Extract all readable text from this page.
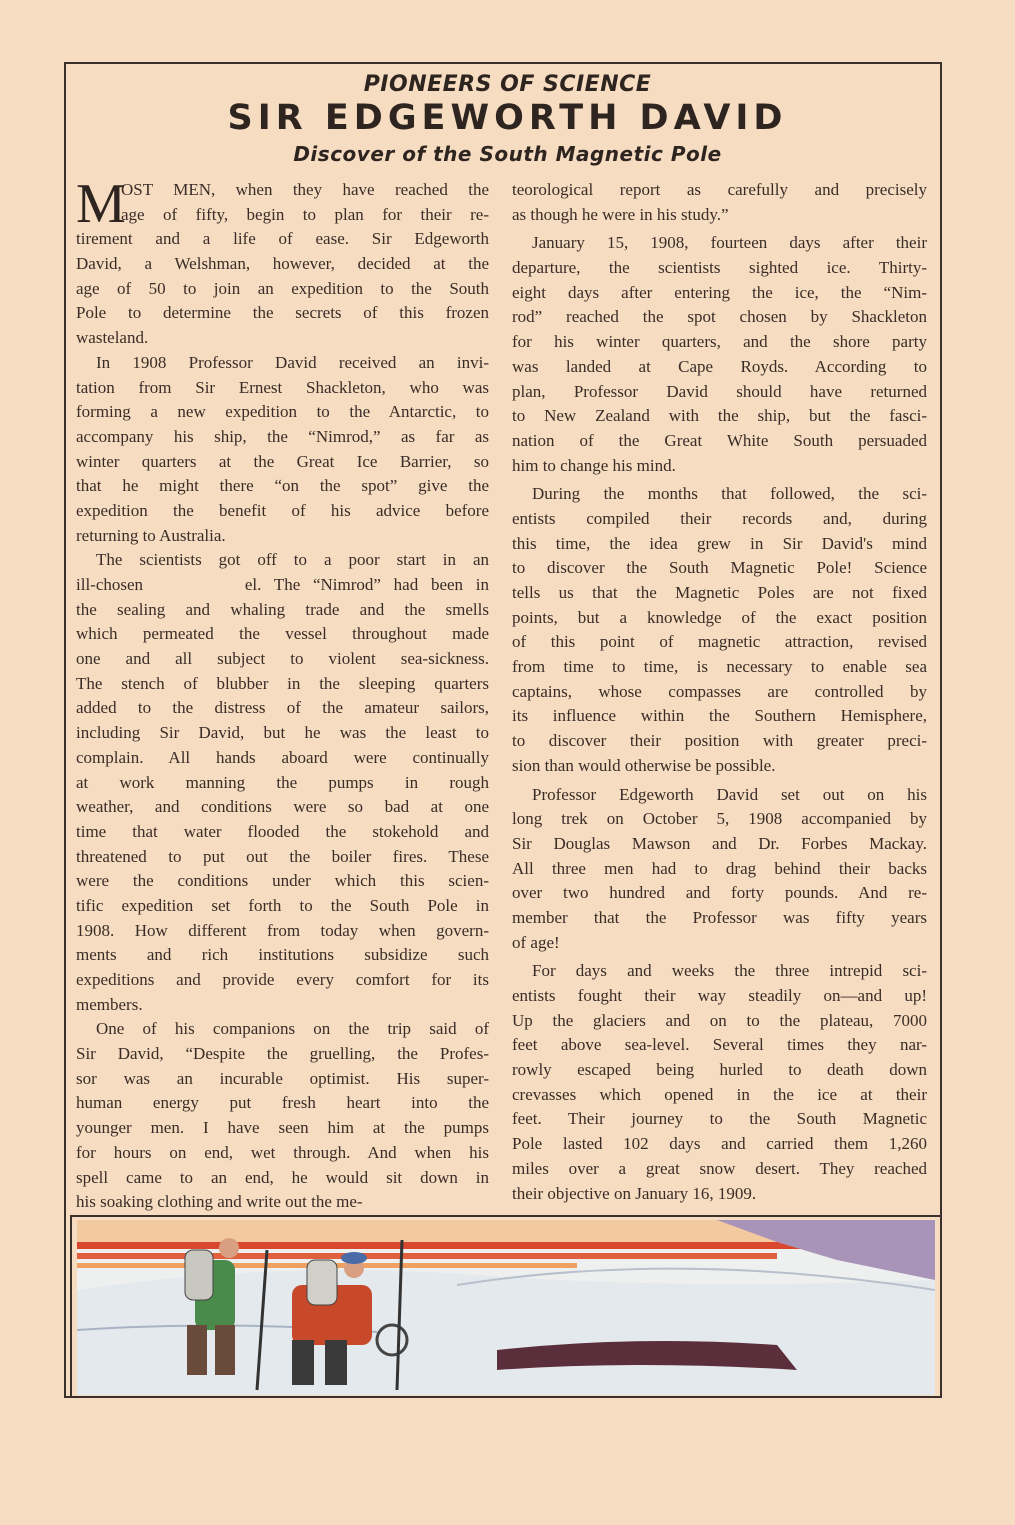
PIONEERS OF SCIENCE
SIR EDGEWORTH DAVID
Discover of the South Magnetic Pole
M
OST MEN, when they have reached the
age of fifty, begin to plan for their re-
tirement and a life of ease. Sir Edgeworth
David, a Welshman, however, decided at the
age of 50 to join an expedition to the South
Pole to determine the secrets of this frozen
wasteland.
In 1908 Professor David received an invi-
tation from Sir Ernest Shackleton, who was
forming a new expedition to the Antarctic, to
accompany his ship, the “Nimrod,” as far as
winter quarters at the Great Ice Barrier, so
that he might there “on the spot” give the
expedition the benefit of his advice before
returning to Australia.
The scientists got off to a poor start in an
ill-chosen        el. The “Nimrod” had been in
the sealing and whaling trade and the smells
which permeated the vessel throughout made
one and all subject to violent sea-sickness.
The stench of blubber in the sleeping quarters
added to the distress of the amateur sailors,
including Sir David, but he was the least to
complain. All hands aboard were continually
at work manning the pumps in rough
weather, and conditions were so bad at one
time that water flooded the stokehold and
threatened to put out the boiler fires. These
were the conditions under which this scien-
tific expedition set forth to the South Pole in
1908. How different from today when govern-
ments and rich institutions subsidize such
expeditions and provide every comfort for its
members.
One of his companions on the trip said of
Sir David, “Despite the gruelling, the Profes-
sor was an incurable optimist. His super-
human energy put fresh heart into the
younger men. I have seen him at the pumps
for hours on end, wet through. And when his
spell came to an end, he would sit down in
his soaking clothing and write out the me-
teorological report as carefully and precisely
as though he were in his study.”
January 15, 1908, fourteen days after their
departure, the scientists sighted ice. Thirty-
eight days after entering the ice, the “Nim-
rod” reached the spot chosen by Shackleton
for his winter quarters, and the shore party
was landed at Cape Royds. According to
plan, Professor David should have returned
to New Zealand with the ship, but the fasci-
nation of the Great White South persuaded
him to change his mind.
During the months that followed, the sci-
entists compiled their records and, during
this time, the idea grew in Sir David's mind
to discover the South Magnetic Pole! Science
tells us that the Magnetic Poles are not fixed
points, but a knowledge of the exact position
of this point of magnetic attraction, revised
from time to time, is necessary to enable sea
captains, whose compasses are controlled by
its influence within the Southern Hemisphere,
to discover their position with greater preci-
sion than would otherwise be possible.
Professor Edgeworth David set out on his
long trek on October 5, 1908 accompanied by
Sir Douglas Mawson and Dr. Forbes Mackay.
All three men had to drag behind their backs
over two hundred and forty pounds. And re-
member that the Professor was fifty years
of age!
For days and weeks the three intrepid sci-
entists fought their way steadily on—and up!
Up the glaciers and on to the plateau, 7000
feet above sea-level. Several times they nar-
rowly escaped being hurled to death down
crevasses which opened in the ice at their
feet. Their journey to the South Magnetic
Pole lasted 102 days and carried them 1,260
miles over a great snow desert. They reached
their objective on January 16, 1909.
